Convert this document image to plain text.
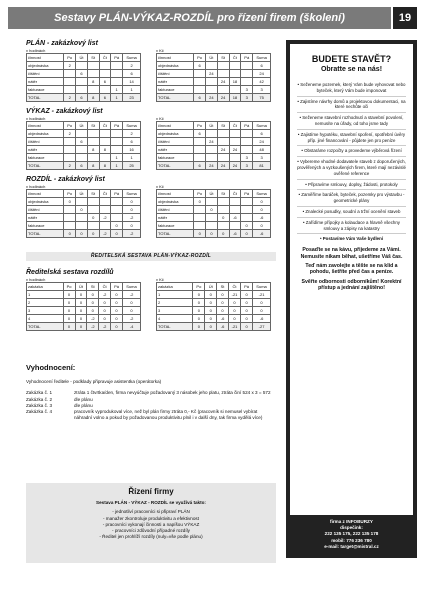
Sestavy PLÁN-VÝKAZ-ROZDÍL pro řízení firem (školení)	19

PLÁN - zakázkový list

v hodinách
činnost	Po	Út	St	Čt	Pá	Suma
objednávka	2					2
čištění		6				6
nátěr			8	6		14
fakturace					1	1
TOTAL	2	6	8	6	1	23
v Kč
činnost	Po	Út	St	Čt	Pá	Suma
objednávka	6					6
čištění		24				24
nátěr			24	18		42
fakturace					3	3
TOTAL	6	24	24	18	3	75

VÝKAZ - zakázkový list

v hodinách
činnost	Po	Út	St	Čt	Pá	Suma
objednávka	2					2
čištění		6				6
nátěr			8	8		16
fakturace					1	1
TOTAL	2	6	8	8	1	25
v Kč
činnost	Po	Út	St	Čt	Pá	Suma
objednávka	6					6
čištění		24				24
nátěr			24	24		48
fakturace					3	3
TOTAL	6	24	24	24	3	81

ROZDÍL - zakázkový list

v hodinách
činnost	Po	Út	St	Čt	Pá	Suma
objednávka	0					0
čištění		0				0
nátěr			0	-2		-2
fakturace					0	0
TOTAL	0	0	0	-2	0	-2
v Kč
činnost	Po	Út	St	Čt	Pá	Suma
objednávka	0					0
čištění		0				0
nátěr			0	-6		-6
fakturace					0	0
TOTAL	0	0	0	-6	0	-6
ŘEDITELSKÁ SESTAVA PLÁN-VÝKAZ-ROZDÍL

Ředitelská sestava rozdílů

v hodinách
zakázka	Po	Út	St	Čt	Pá	Suma
1	0	0	0	-2	0	-2
2	0	0	0	0	0	0
3	0	0	0	0	0	0
4	0	0	-2	0	0	-2
TOTAL	0	0	-2	-2	0	-4
v Kč
zakázka	Po	Út	St	Čt	Pá	Suma
1	0	0	0	-21	0	-21
2	0	0	0	0	0	0
3	0	0	0	0	0	0
4	0	0	-6	0	0	-6
TOTAL	0	0	-6	-21	0	-27
Vyhodnocení:
Vyhodnocení ředitele - podklady připravuje asistentka (operátorka)
Zakázka č. 1	ztráta 1 čtvrtka/den, firma nevyúčtuje požadovaný 3 násobek jeho platu, ztráta činí 524 x 3 = 572
Zakázka č. 2	dle plánu
Zakázka č. 3	dle plánu
Zakázka č. 4	pracovník vyprodukoval více, než byl plán firmy ztráta 0,- Kč (pracovník si nemusel vybírat náhradní volno a pokud by požadovanou produktivitu plnil i v další dny, tak firma vydělá více)
Řízení firmy
Sestava PLÁN - VÝKAZ - ROZDÍL se využívá takto:
- jednotliví pracovníci si připraví PLÁN
- manažer zkontroluje produktivitu a efektivnost
- pracovníci vykonají činnosti a napíšou VÝKAZ
- pracovníci zdůvodní případné rozdíly
- Ředitel jen prohlíží rozdíly (nuly=vše podle plánu)
BUDETE STAVĚT?
Obratte se na nás!
• Seženeme pozemek, který Vám bude vyhovovat nebo byteček, který Vám bude imponovat
• Zajistíme návrhy domů a projektovou dokumentaci, na které nechůte oči
• Seženeme stavební rozhodnutí a stavební povolení, nemusíte na úřady, od toho jsme tady
• Zajistíme hypotéku, stavební spoření, spotřební úvěry příp. jiné financování - půjdete jen pro peníze
• Obstaráme rozpočty a provedeme výběrová řízení
• Vybereme vhodné dodavatele staveb z doporučených, prověřených a vyzkoušených firem, které mají nezávislé ověřené reference
• Připravíme smlouvy, doplsy, žádosti, protokoly
• Zaměříme baráček, byteček, pozemky pro výstavbu - geometrické plány
• Znalecké posudky, soudní a tržní ocenění staveb
• Zařídíme přípojky a kolaudace a hlavně všechny smlouvy a zápisy na katastry
• Postavíme Vám Vaše bydlení
Posaďte se na kávu, přijedeme za Vámi. Nemusíte nikam běhat, ušetříme Váš čas.
Teď nám zavolejte a těšte se na klid a pohodu, šetříte před čas a peníze.
Svěřte odbornosti odborníkům! Korektní přístup a jednání zajištěno!
firma z INFOBURZY
dispečink:
222 135 175, 222 135 178
mobil: 776 236 780
e-mail: target@mistral.cz
